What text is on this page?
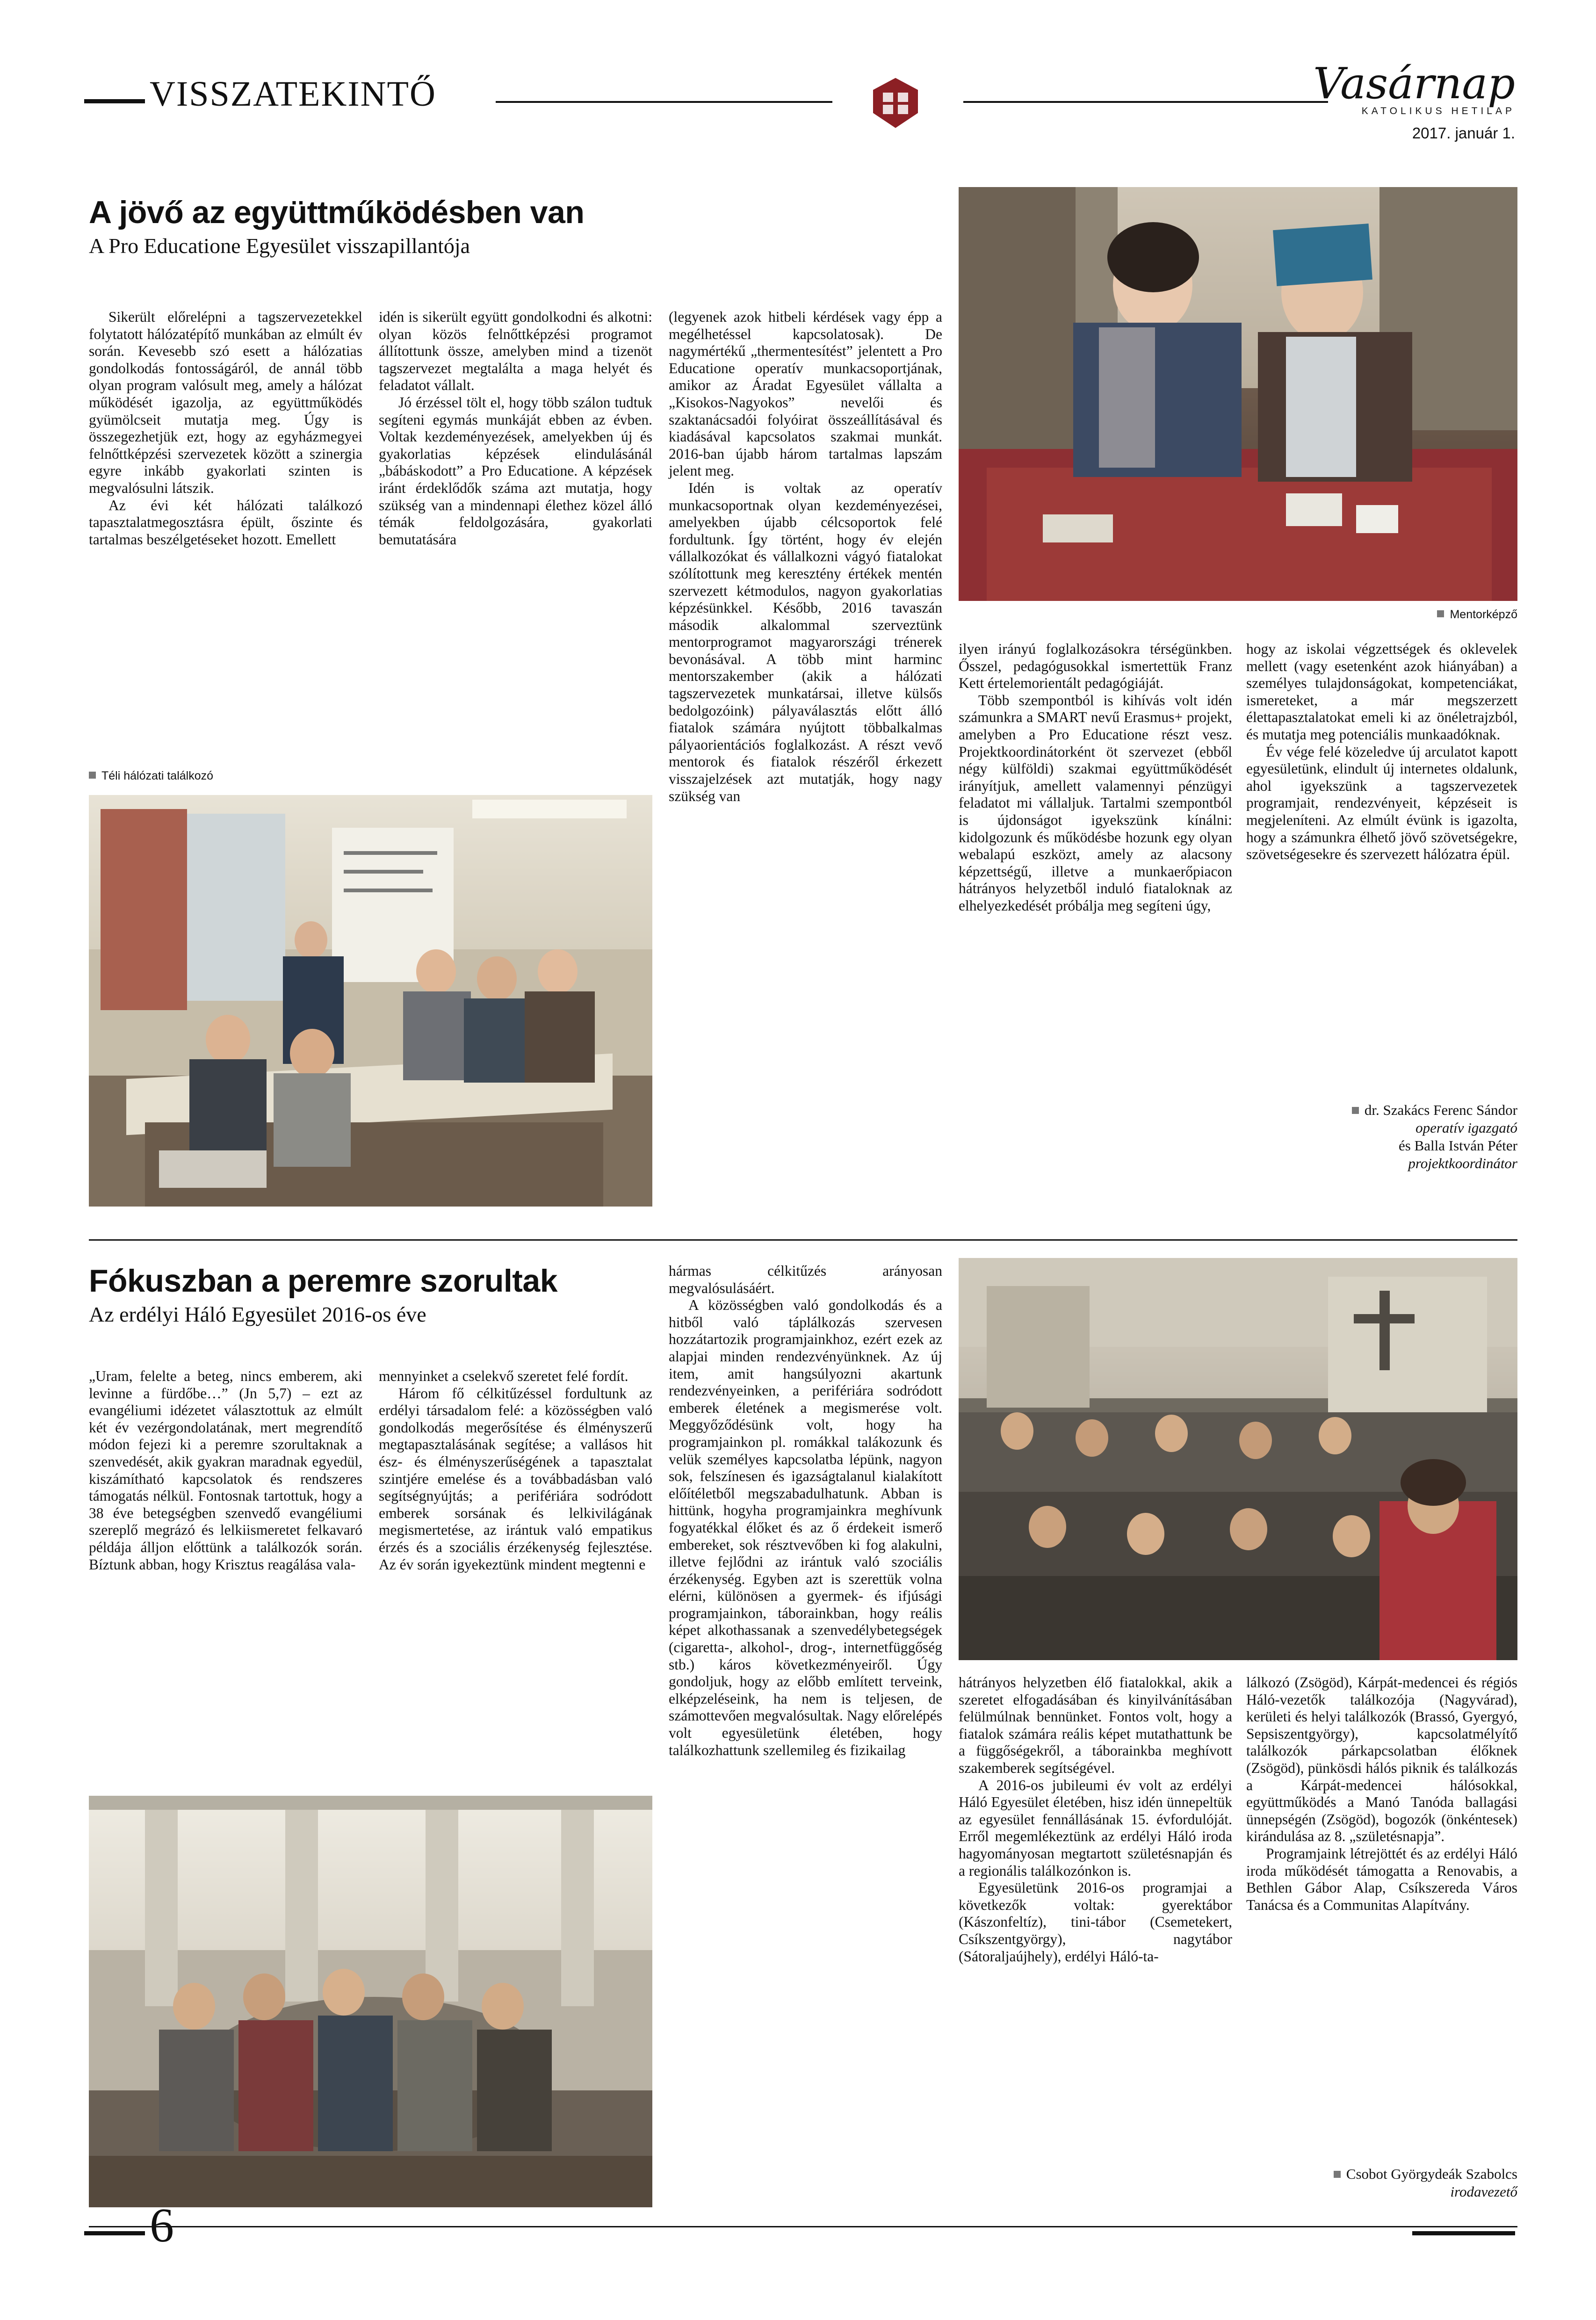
VISSZATEKINTŐ	Vasárnap
KATOLIKUS HETILAP
2017. január 1.
A jövő az együttműködésben van
A Pro Educatione Egyesület visszapillantója
Mentorképző

Sikerült előrelépni a tagszervezetekkel folytatott hálózatépítő munkában az elmúlt év során. Kevesebb szó esett a hálózatias gondolkodás fontosságáról, de annál több olyan program valósult meg, amely a hálózat működését igazolja, az együttműködés gyümölcseit mutatja meg. Úgy is összegezhetjük ezt, hogy az egyházmegyei felnőttképzési szervezetek között a szinergia egyre inkább gyakorlati szinten is megvalósulni látszik.

Az évi két hálózati találkozó tapasztalatmegosztásra épült, őszinte és tartalmas beszélgetéseket hozott. Emellett

idén is sikerült együtt gondolkodni és alkotni: olyan közös felnőttképzési programot állítottunk össze, amelyben mind a tizenöt tagszervezet megtalálta a maga helyét és feladatot vállalt.

Jó érzéssel tölt el, hogy több szálon tudtuk segíteni egymás munkáját ebben az évben. Voltak kezdeményezések, amelyekben új és gyakorlatias képzések elindulásánál „bábáskodott” a Pro Educatione. A képzések iránt érdeklődők száma azt mutatja, hogy szükség van a mindennapi élethez közel álló témák feldolgozására, gyakorlati bemutatására

(legyenek azok hitbeli kérdések vagy épp a megélhetéssel kapcsolatosak). De nagymértékű „thermentesítést” jelentett a Pro Educatione operatív munkacsoportjának, amikor az Áradat Egyesület vállalta a „Kisokos-Nagyokos” nevelői és szaktanácsadói folyóirat összeállításával és kiadásával kapcsolatos szakmai munkát. 2016-ban újabb három tartalmas lapszám jelent meg.

Idén is voltak az operatív munkacsoportnak olyan kezdeményezései, amelyekben újabb célcsoportok felé fordultunk. Így történt, hogy év elején vállalkozókat és vállalkozni vágyó fiatalokat szólítottunk meg keresztény értékek mentén szervezett kétmodulos, nagyon gyakorlatias képzésünkkel. Később, 2016 tavaszán második alkalommal szerveztünk mentorprogramot magyarországi trénerek bevonásával. A több mint harminc mentorszakember (akik a hálózati tagszervezetek munkatársai, illetve külsős bedolgozóink) pályaválasztás előtt álló fiatalok számára nyújtott többalkalmas pályaorientációs foglalkozást. A részt vevő mentorok és fiatalok részéről érkezett visszajelzések azt mutatják, hogy nagy szükség van

ilyen irányú foglalkozásokra térségünkben. Ősszel, pedagógusokkal ismertettük Franz Kett értelemorientált pedagógiáját.

Több szempontból is kihívás volt idén számunkra a SMART nevű Erasmus+ projekt, amelyben a Pro Educatione részt vesz. Projektkoordinátorként öt szervezet (ebből négy külföldi) szakmai együttműködését irányítjuk, amellett valamennyi pénzügyi feladatot mi vállaljuk. Tartalmi szempontból is újdonságot igyekszünk kínálni: kidolgozunk és működésbe hozunk egy olyan webalapú eszközt, amely az alacsony képzettségű, illetve a munkaerőpiacon hátrányos helyzetből induló fiataloknak az elhelyezkedését próbálja meg segíteni úgy,

hogy az iskolai végzettségek és oklevelek mellett (vagy esetenként azok hiányában) a személyes tulajdonságokat, kompetenciákat, ismereteket, a már megszerzett élettapasztalatokat emeli ki az önéletrajzból, és mutatja meg potenciális munkaadóknak.

Év vége felé közeledve új arculatot kapott egyesületünk, elindult új internetes oldalunk, ahol igyekszünk a tagszervezetek programjait, rendezvényeit, képzéseit is megjeleníteni. Az elmúlt évünk is igazolta, hogy a számunkra élhető jövő szövetségekre, szövetségesekre és szervezett hálózatra épül.

dr. Szakács Ferenc Sándor
operatív igazgató
és Balla István Péter
projektkoordinátor
Téli hálózati találkozó
Fókuszban a peremre szorultak
Az erdélyi Háló Egyesület 2016-os éve

„Uram, felelte a beteg, nincs emberem, aki levinne a fürdőbe…” (Jn 5,7) – ezt az evangéliumi idézetet választottuk az elmúlt két év vezérgondolatának, mert megrendítő módon fejezi ki a peremre szorultaknak a szenvedését, akik gyakran maradnak egyedül, kiszámítható kapcsolatok és rendszeres támogatás nélkül. Fontosnak tartottuk, hogy a 38 éve betegségben szenvedő evangéliumi szereplő megrázó és lelkiismeretet felkavaró példája álljon előttünk a találkozók során. Bíztunk abban, hogy Krisztus reagálása vala-

mennyinket a cselekvő szeretet felé fordít.

Három fő célkitűzéssel fordultunk az erdélyi társadalom felé: a közösségben való gondolkodás megerősítése és élményszerű megtapasztalásának segítése; a vallásos hit ész- és élményszerűségének a tapasztalat szintjére emelése és a továbbadásban való segítségnyújtás; a perifériára sodródott emberek sorsának és lelkivilágának megismertetése, az irántuk való empatikus érzés és a szociális érzékenység fejlesztése. Az év során igyekeztünk mindent megtenni e

hármas célkitűzés arányosan megvalósulásáért.

A közösségben való gondolkodás és a hitből való táplálkozás szervesen hozzátartozik programjainkhoz, ezért ezek az alapjai minden rendezvényünknek. Az új item, amit hangsúlyozni akartunk rendezvényeinken, a perifériára sodródott emberek életének a megismerése volt. Meggyőződésünk volt, hogy ha programjainkon pl. romákkal talákozunk és velük személyes kapcsolatba lépünk, nagyon sok, felszínesen és igazságtalanul kialakított előítéletből megszabadulhatunk. Abban is hittünk, hogyha programjainkra meghívunk fogyatékkal élőket és az ő érdekeit ismerő embereket, sok résztvevőben ki fog alakulni, illetve fejlődni az irántuk való szociális érzékenység. Egyben azt is szerettük volna elérni, különösen a gyermek- és ifjúsági programjainkon, táborainkban, hogy reális képet alkothassanak a szenvedélybetegségek (cigaretta-, alkohol-, drog-, internetfüggőség stb.) káros következményeiről. Úgy gondoljuk, hogy az előbb említett terveink, elképzeléseink, ha nem is teljesen, de számottevően megvalósultak. Nagy előrelépés volt egyesületünk életében, hogy találkozhattunk szellemileg és fizikailag

hátrányos helyzetben élő fiatalokkal, akik a szeretet elfogadásában és kinyilvánításában felülmúlnak bennünket. Fontos volt, hogy a fiatalok számára reális képet mutathattunk be a függőségekről, a táborainkba meghívott szakemberek segítségével.

A 2016-os jubileumi év volt az erdélyi Háló Egyesület életében, hisz idén ünnepeltük az egyesület fennállásának 15. évfordulóját. Erről megemlékeztünk az erdélyi Háló iroda hagyományosan megtartott születésnapján és a regionális találkozónkon is.

Egyesületünk 2016-os programjai a következők voltak: gyerektábor (Kászonfeltíz), tini-tábor (Csemetekert, Csíkszentgyörgy), nagytábor (Sátoraljaújhely), erdélyi Háló-ta-

lálkozó (Zsögöd), Kárpát-medencei és régiós Háló-vezetők találkozója (Nagyvárad), kerületi és helyi találkozók (Brassó, Gyergyó, Sepsiszentgyörgy), kapcsolatmélyítő találkozók párkapcsolatban élőknek (Zsögöd), pünkösdi hálós piknik és találkozás a Kárpát-medencei hálósokkal, együttműködés a Manó Tanóda ballagási ünnepségén (Zsögöd), bogozók (önkéntesek) kirándulása az 8. „születésnapja”.

Programjaink létrejöttét és az erdélyi Háló iroda működését támogatta a Renovabis, a Bethlen Gábor Alap, Csíkszereda Város Tanácsa és a Communitas Alapítvány.

Csobot Györgydeák Szabolcs
irodavezető
6
